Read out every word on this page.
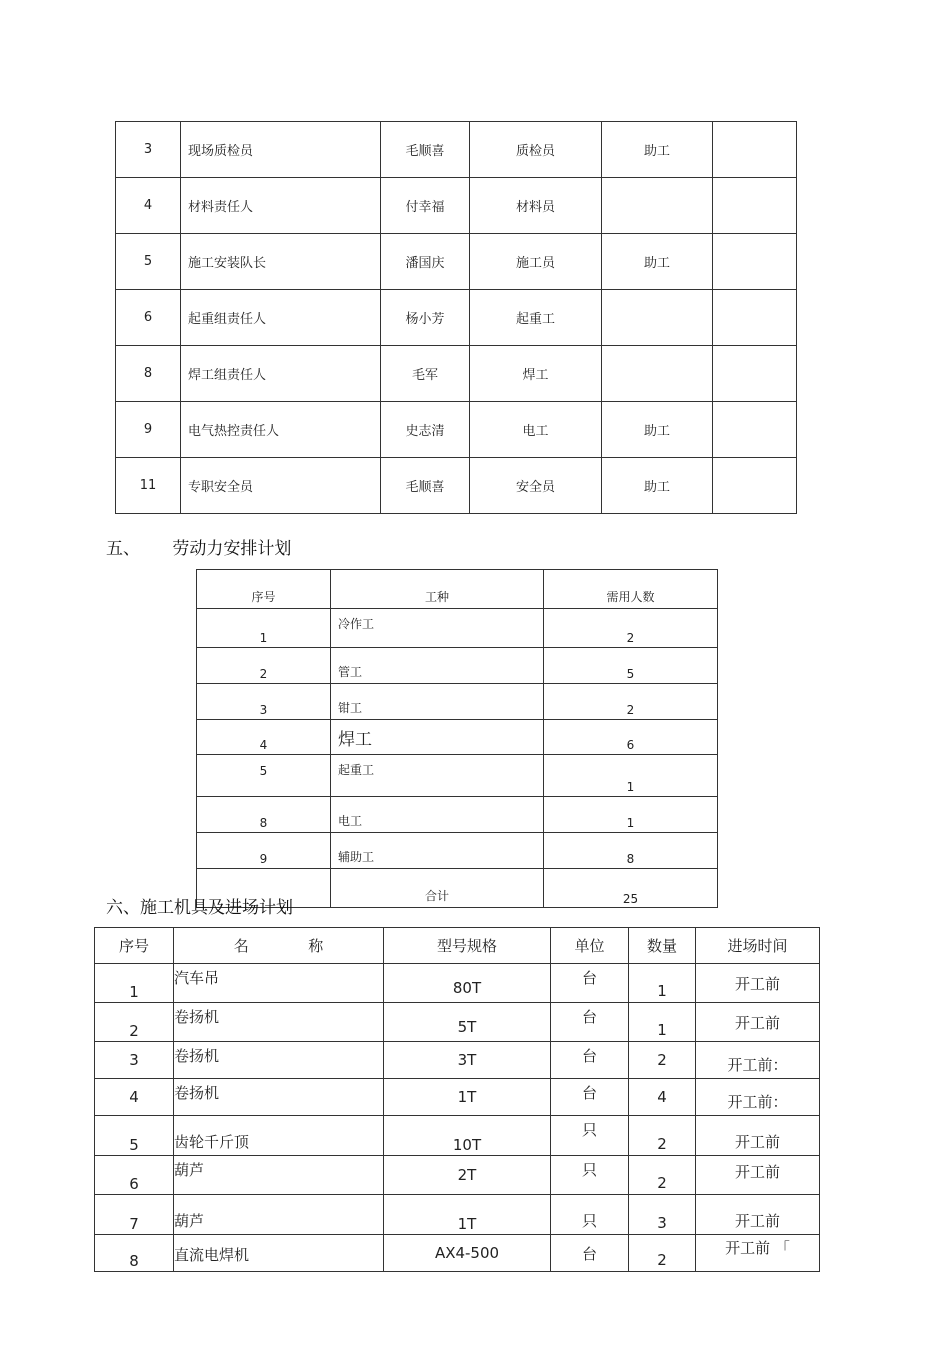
3	现场质检员	毛顺喜	质检员	助工	
4	材料责任人	付幸福	材料员		
5	施工安装队长	潘国庆	施工员	助工	
6	起重组责任人	杨小芳	起重工		
8	焊工组责任人	毛军	焊工		
9	电气热控责任人	史志清	电工	助工	
11	专职安全员	毛顺喜	安全员	助工	
五、      劳动力安排计划
序号	工种	需用人数
1	冷作工	2
2	管工	5
3	钳工	2
4	焊工	6
5	起重工	1
8	电工	1
9	辅助工	8
	合计	25
六、施工机具及进场计划
序号	名 称	型号规格	单位	数量	进场时间
1	汽车吊	80T	台	1	开工前
2	卷扬机	5T	台	1	开工前
3	卷扬机	3T	台	2	开工前：
4	卷扬机	1T	台	4	开工前：
5	齿轮千斤顶	10T	只	2	开工前
6	葫芦	2T	只	2	开工前
7	葫芦	1T	只	3	开工前
8	直流电焊机	AX4-500	台	2	开工前 「
